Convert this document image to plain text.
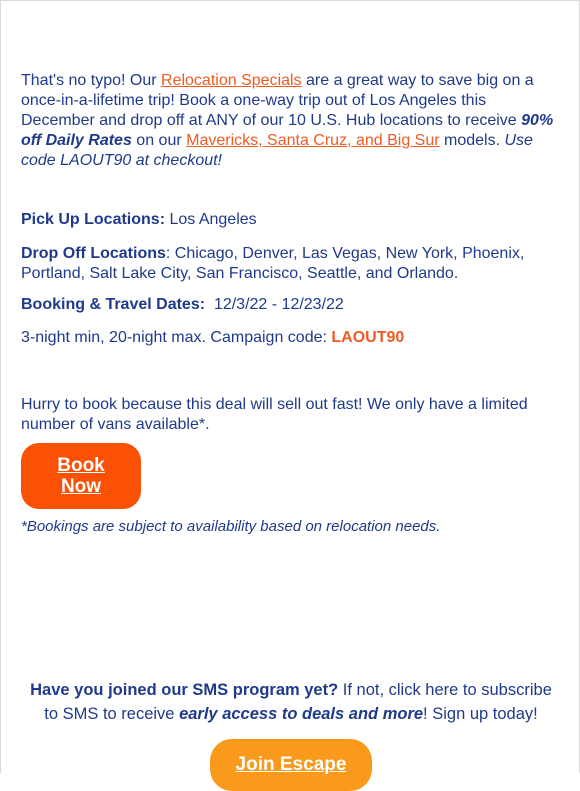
That's no typo! Our Relocation Specials are a great way to save big on a once-in-a-lifetime trip! Book a one-way trip out of Los Angeles this December and drop off at ANY of our 10 U.S. Hub locations to receive 90% off Daily Rates on our Mavericks, Santa Cruz, and Big Sur models. Use code LAOUT90 at checkout!
Pick Up Locations: Los Angeles
Drop Off Locations: Chicago, Denver, Las Vegas, New York, Phoenix, Portland, Salt Lake City, San Francisco, Seattle, and Orlando.
Booking & Travel Dates:  12/3/22 - 12/23/22
3-night min, 20-night max. Campaign code: LAOUT90
Hurry to book because this deal will sell out fast! We only have a limited number of vans available*.
*Bookings are subject to availability based on relocation needs.
Have you joined our SMS program yet? If not, click here to subscribe to SMS to receive early access to deals and more! Sign up today!
Book Now
Join Escape
